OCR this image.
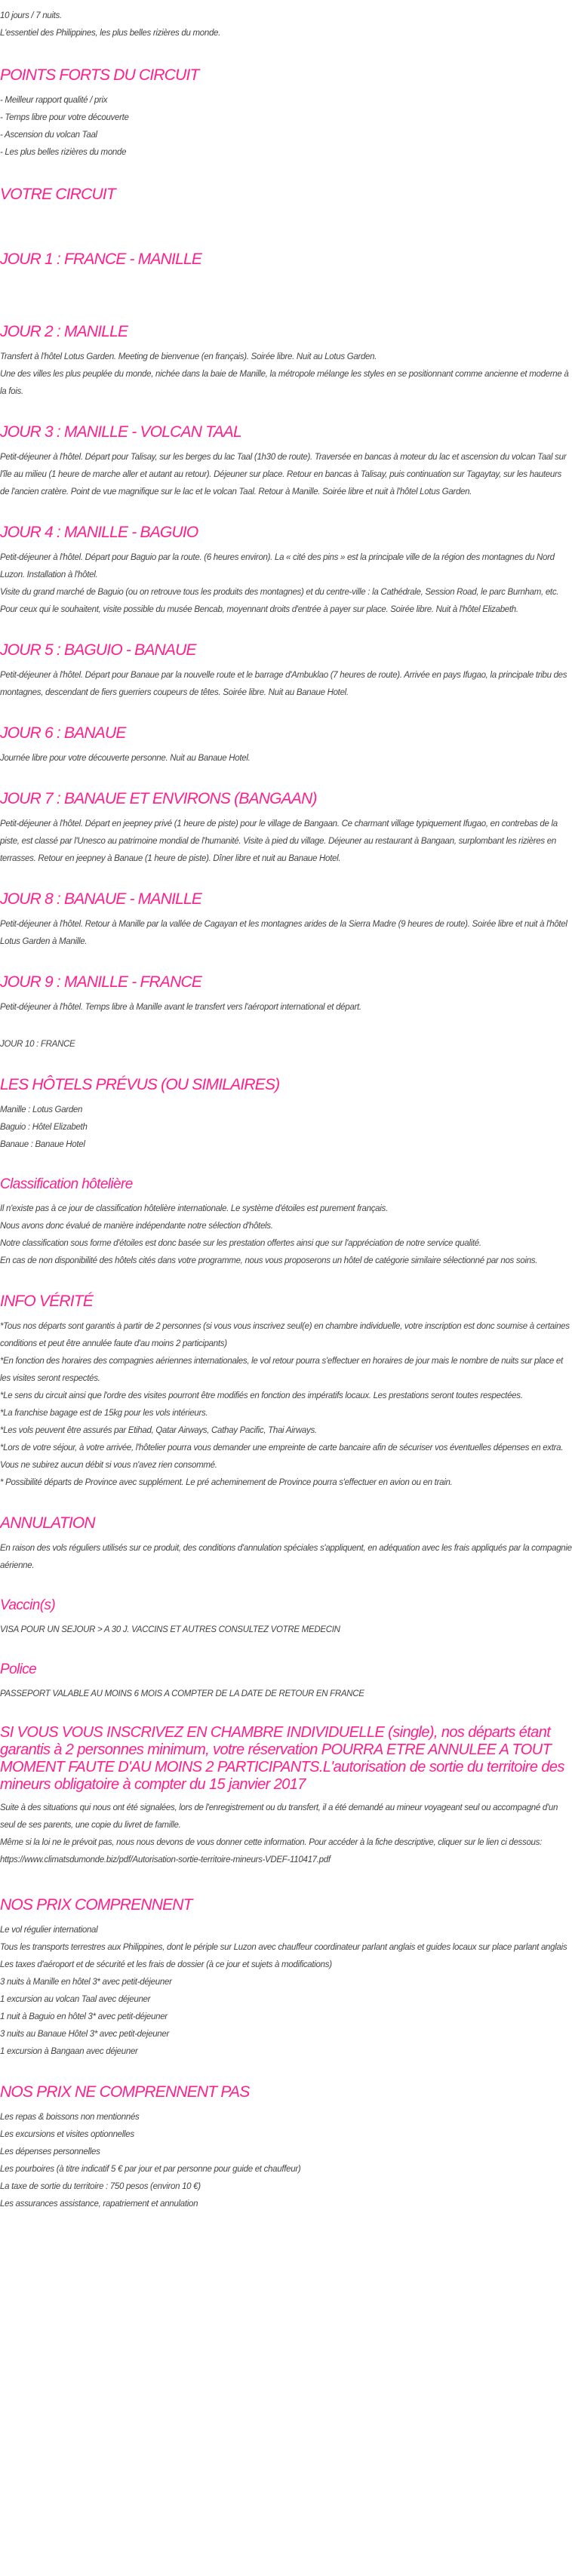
10 jours / 7 nuits.

L'essentiel des Philippines, les plus belles rizières du monde.

POINTS FORTS DU CIRCUIT

- Meilleur rapport qualité / prix

- Temps libre pour votre découverte

- Ascension du volcan Taal

- Les plus belles rizières du monde

VOTRE CIRCUIT
JOUR 1 : FRANCE - MANILLE
JOUR 2 : MANILLE

Transfert à l'hôtel Lotus Garden. Meeting de bienvenue (en français). Soirée libre. Nuit au Lotus Garden.

Une des villes les plus peuplée du monde, nichée dans la baie de Manille, la métropole mélange les styles en se positionnant comme ancienne et moderne à la fois.

JOUR 3 : MANILLE - VOLCAN TAAL

Petit-déjeuner à l'hôtel. Départ pour Talisay, sur les berges du lac Taal (1h30 de route). Traversée en bancas à moteur du lac et ascension du volcan Taal sur l'île au milieu (1 heure de marche aller et autant au retour). Déjeuner sur place. Retour en bancas à Talisay, puis continuation sur Tagaytay, sur les hauteurs de l'ancien cratère. Point de vue magnifique sur le lac et le volcan Taal. Retour à Manille. Soirée libre et nuit à l'hôtel Lotus Garden.

JOUR 4 : MANILLE - BAGUIO

Petit-déjeuner à l'hôtel. Départ pour Baguio par la route. (6 heures environ). La « cité des pins » est la principale ville de la région des montagnes du Nord Luzon. Installation à l'hôtel.

Visite du grand marché de Baguio (ou on retrouve tous les produits des montagnes) et du centre-ville : la Cathédrale, Session Road, le parc Burnham, etc. Pour ceux qui le souhaitent, visite possible du musée Bencab, moyennant droits d'entrée à payer sur place. Soirée libre. Nuit à l'hôtel Elizabeth.

JOUR 5 : BAGUIO - BANAUE

Petit-déjeuner à l'hôtel. Départ pour Banaue par la nouvelle route et le barrage d'Ambuklao (7 heures de route). Arrivée en pays Ifugao, la principale tribu des montagnes, descendant de fiers guerriers coupeurs de têtes. Soirée libre. Nuit au Banaue Hotel.

JOUR 6 : BANAUE

Journée libre pour votre découverte personne. Nuit au Banaue Hotel.

JOUR 7 : BANAUE ET ENVIRONS (BANGAAN)

Petit-déjeuner à l'hôtel. Départ en jeepney privé (1 heure de piste) pour le village de Bangaan. Ce charmant village typiquement Ifugao, en contrebas de la piste, est classé par l'Unesco au patrimoine mondial de l'humanité. Visite à pied du village. Déjeuner au restaurant à Bangaan, surplombant les rizières en terrasses. Retour en jeepney à Banaue (1 heure de piste). Dîner libre et nuit au Banaue Hotel.

JOUR 8 : BANAUE - MANILLE

Petit-déjeuner à l'hôtel. Retour à Manille par la vallée de Cagayan et les montagnes arides de la Sierra Madre (9 heures de route). Soirée libre et nuit à l'hôtel Lotus Garden à Manille.

JOUR 9 : MANILLE - FRANCE

Petit-déjeuner à l'hôtel. Temps libre à Manille avant le transfert vers l'aéroport international et départ.

JOUR 10 : FRANCE

LES HÔTELS PRÉVUS (OU SIMILAIRES)

Manille : Lotus Garden

Baguio : Hôtel Elizabeth

Banaue : Banaue Hotel

Classification hôtelière

Il n'existe pas à ce jour de classification hôtelière internationale. Le système d'étoiles est purement français.

Nous avons donc évalué de manière indépendante notre sélection d'hôtels.

Notre classification sous forme d'étoiles est donc basée sur les prestation offertes ainsi que sur l'appréciation de notre service qualité.

En cas de non disponibilité des hôtels cités dans votre programme, nous vous proposerons un hôtel de catégorie similaire sélectionné par nos soins.

INFO VÉRITÉ

*Tous nos départs sont garantis à partir de 2 personnes (si vous vous inscrivez seul(e) en chambre individuelle, votre inscription est donc soumise à certaines conditions et peut être annulée faute d'au moins 2 participants)

*En fonction des horaires des compagnies aériennes internationales, le vol retour pourra s'effectuer en horaires de jour mais le nombre de nuits sur place et les visites seront respectés.

*Le sens du circuit ainsi que l'ordre des visites pourront être modifiés en fonction des impératifs locaux. Les prestations seront toutes respectées.

*La franchise bagage est de 15kg pour les vols intérieurs.

*Les vols peuvent être assurés par Etihad, Qatar Airways, Cathay Pacific, Thai Airways.

*Lors de votre séjour, à votre arrivée, l'hôtelier pourra vous demander une empreinte de carte bancaire afin de sécuriser vos éventuelles dépenses en extra. Vous ne subirez aucun débit si vous n'avez rien consommé.

* Possibilité départs de Province avec supplément. Le pré acheminement de Province pourra s'effectuer en avion ou en train.

ANNULATION

En raison des vols réguliers utilisés sur ce produit, des conditions d'annulation spéciales s'appliquent, en adéquation avec les frais appliqués par la compagnie aérienne.

Vaccin(s)

VISA POUR UN SEJOUR > A 30 J. VACCINS ET AUTRES CONSULTEZ VOTRE MEDECIN

Police

PASSEPORT VALABLE AU MOINS 6 MOIS A COMPTER DE LA DATE DE RETOUR EN FRANCE

SI VOUS VOUS INSCRIVEZ EN CHAMBRE INDIVIDUELLE (single), nos départs étant garantis à 2 personnes minimum, votre réservation POURRA ETRE ANNULEE A TOUT MOMENT FAUTE D'AU MOINS 2 PARTICIPANTS.L'autorisation de sortie du territoire des mineurs obligatoire à compter du 15 janvier 2017

Suite à des situations qui nous ont été signalées, lors de l'enregistrement ou du transfert, il a été demandé au mineur voyageant seul ou accompagné d'un seul de ses parents, une copie du livret de famille.

Même si la loi ne le prévoit pas, nous nous devons de vous donner cette information. Pour accéder à la fiche descriptive, cliquer sur le lien ci dessous:

https://www.climatsdumonde.biz/pdf/Autorisation-sortie-territoire-mineurs-VDEF-110417.pdf

NOS PRIX COMPRENNENT

Le vol régulier international

Tous les transports terrestres aux Philippines, dont le périple sur Luzon avec chauffeur coordinateur parlant anglais et guides locaux sur place parlant anglais

Les taxes d'aéroport et de sécurité et les frais de dossier (à ce jour et sujets à modifications)

3 nuits à Manille en hôtel 3* avec petit-déjeuner

1 excursion au volcan Taal avec déjeuner

1 nuit à Baguio en hôtel 3* avec petit-déjeuner

3 nuits au Banaue Hôtel 3* avec petit-dejeuner

1 excursion à Bangaan avec déjeuner

NOS PRIX NE COMPRENNENT PAS

Les repas & boissons non mentionnés

Les excursions et visites optionnelles

Les dépenses personnelles

Les pourboires (à titre indicatif 5 € par jour et par personne pour guide et chauffeur)

La taxe de sortie du territoire : 750 pesos (environ 10 €)

Les assurances assistance, rapatriement et annulation
